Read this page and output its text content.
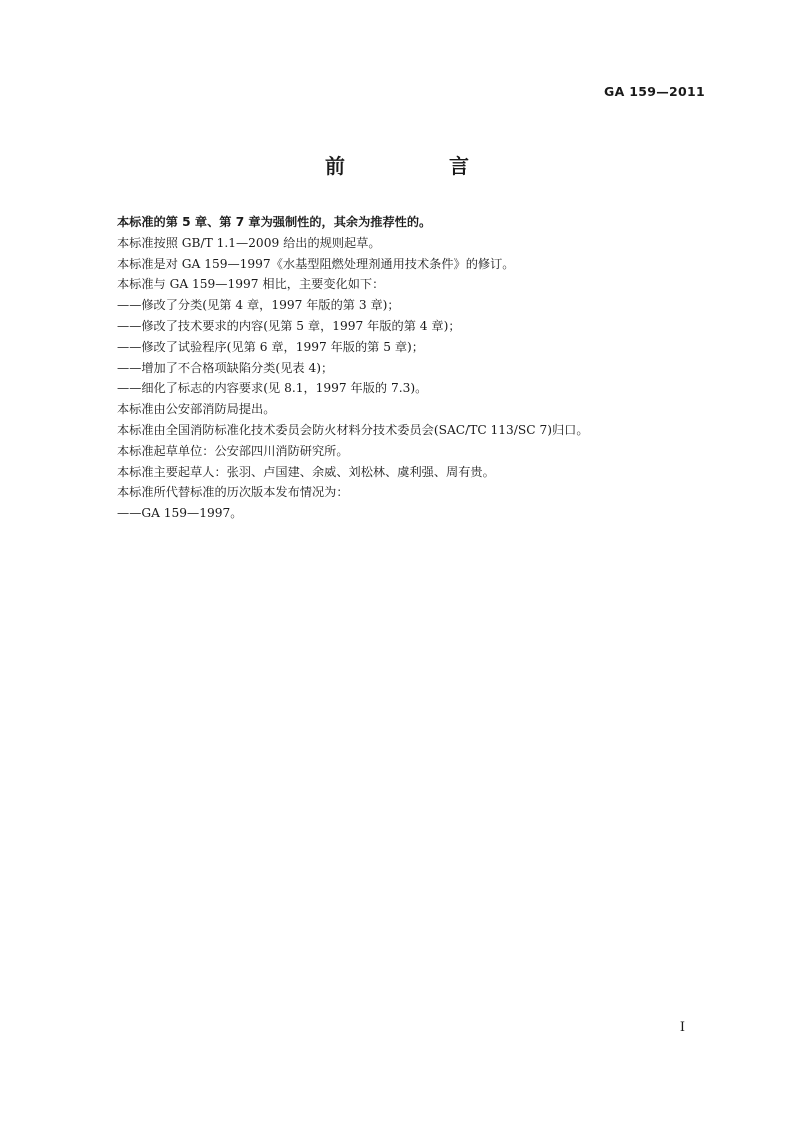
GA 159—2011
前　言
本标准的第 5 章、第 7 章为强制性的，其余为推荐性的。
本标准按照 GB/T 1.1—2009 给出的规则起草。
本标准是对 GA 159—1997《水基型阻燃处理剂通用技术条件》的修订。
本标准与 GA 159—1997 相比，主要变化如下：
——修改了分类(见第 4 章，1997 年版的第 3 章)；
——修改了技术要求的内容(见第 5 章，1997 年版的第 4 章)；
——修改了试验程序(见第 6 章，1997 年版的第 5 章)；
——增加了不合格项缺陷分类(见表 4)；
——细化了标志的内容要求(见 8.1，1997 年版的 7.3)。
本标准由公安部消防局提出。
本标准由全国消防标准化技术委员会防火材料分技术委员会(SAC/TC 113/SC 7)归口。
本标准起草单位：公安部四川消防研究所。
本标准主要起草人：张羽、卢国建、余威、刘松林、虞利强、周有贵。
本标准所代替标准的历次版本发布情况为：
——GA 159—1997。
I
